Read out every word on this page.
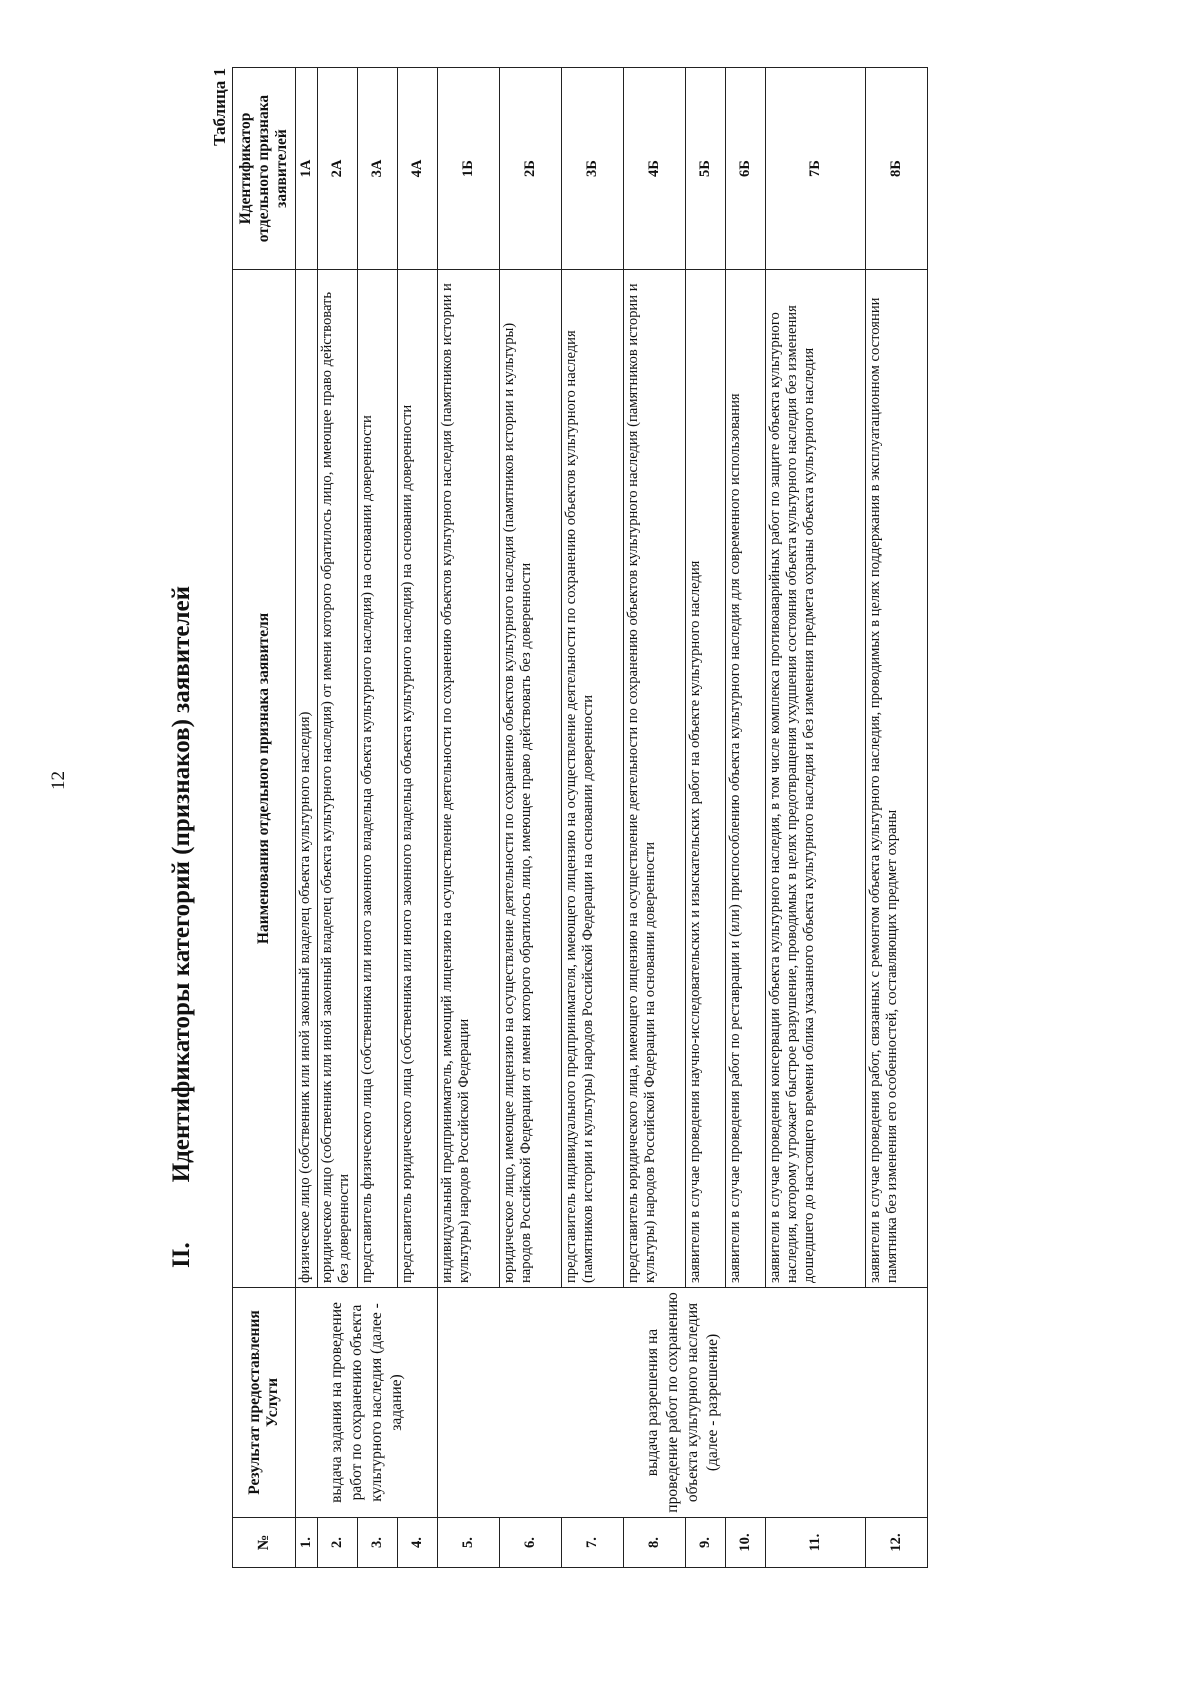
12
II.Идентификаторы категорий (признаков) заявителей
Таблица 1
№	Результат предоставления Услуги	Наименования отдельного признака заявителя	Идентификатор отдельного признака заявителей
1.	выдача задания на проведение работ по сохранению объекта культурного наследия (далее - задание)	физическое лицо (собственник или иной законный владелец объекта культурного наследия)	1А
2.		юридическое лицо (собственник или иной законный владелец объекта культурного наследия) от имени которого обратилось лицо, имеющее право действовать без доверенности	2А
3.		представитель физического лица (собственника или иного законного владельца объекта культурного наследия) на основании доверенности	3А
4.		представитель юридического лица (собственника или иного законного владельца объекта культурного наследия) на основании доверенности	4А
5.	выдача разрешения на проведение работ по сохранению объекта культурного наследия (далее - разрешение)	индивидуальный предприниматель, имеющий лицензию на осуществление деятельности по сохранению объектов культурного наследия (памятников истории и культуры) народов Российской Федерации	1Б
6.		юридическое лицо, имеющее лицензию на осуществление деятельности по сохранению объектов культурного наследия (памятников истории и культуры) народов Российской Федерации от имени которого обратилось лицо, имеющее право действовать без доверенности	2Б
7.		представитель индивидуального предпринимателя, имеющего лицензию на осуществление деятельности по сохранению объектов культурного наследия (памятников истории и культуры) народов Российской Федерации на основании доверенности	3Б
8.		представитель юридического лица, имеющего лицензию на осуществление деятельности по сохранению объектов культурного наследия (памятников истории и культуры) народов Российской Федерации на основании доверенности	4Б
9.		заявители в случае проведения научно-исследовательских и изыскательских работ на объекте культурного наследия	5Б
10.		заявители в случае проведения работ по реставрации и (или) приспособлению объекта культурного наследия для современного использования	6Б
11.		заявители в случае проведения консервации объекта культурного наследия, в том числе комплекса противоаварийных работ по защите объекта культурного наследия, которому угрожает быстрое разрушение, проводимых в целях предотвращения ухудшения состояния объекта культурного наследия без изменения дошедшего до настоящего времени облика указанного объекта культурного наследия и без изменения предмета охраны объекта культурного наследия	7Б
12.		заявители в случае проведения работ, связанных с ремонтом объекта культурного наследия, проводимых в целях поддержания в эксплуатационном состоянии памятника без изменения его особенностей, составляющих предмет охраны	8Б
